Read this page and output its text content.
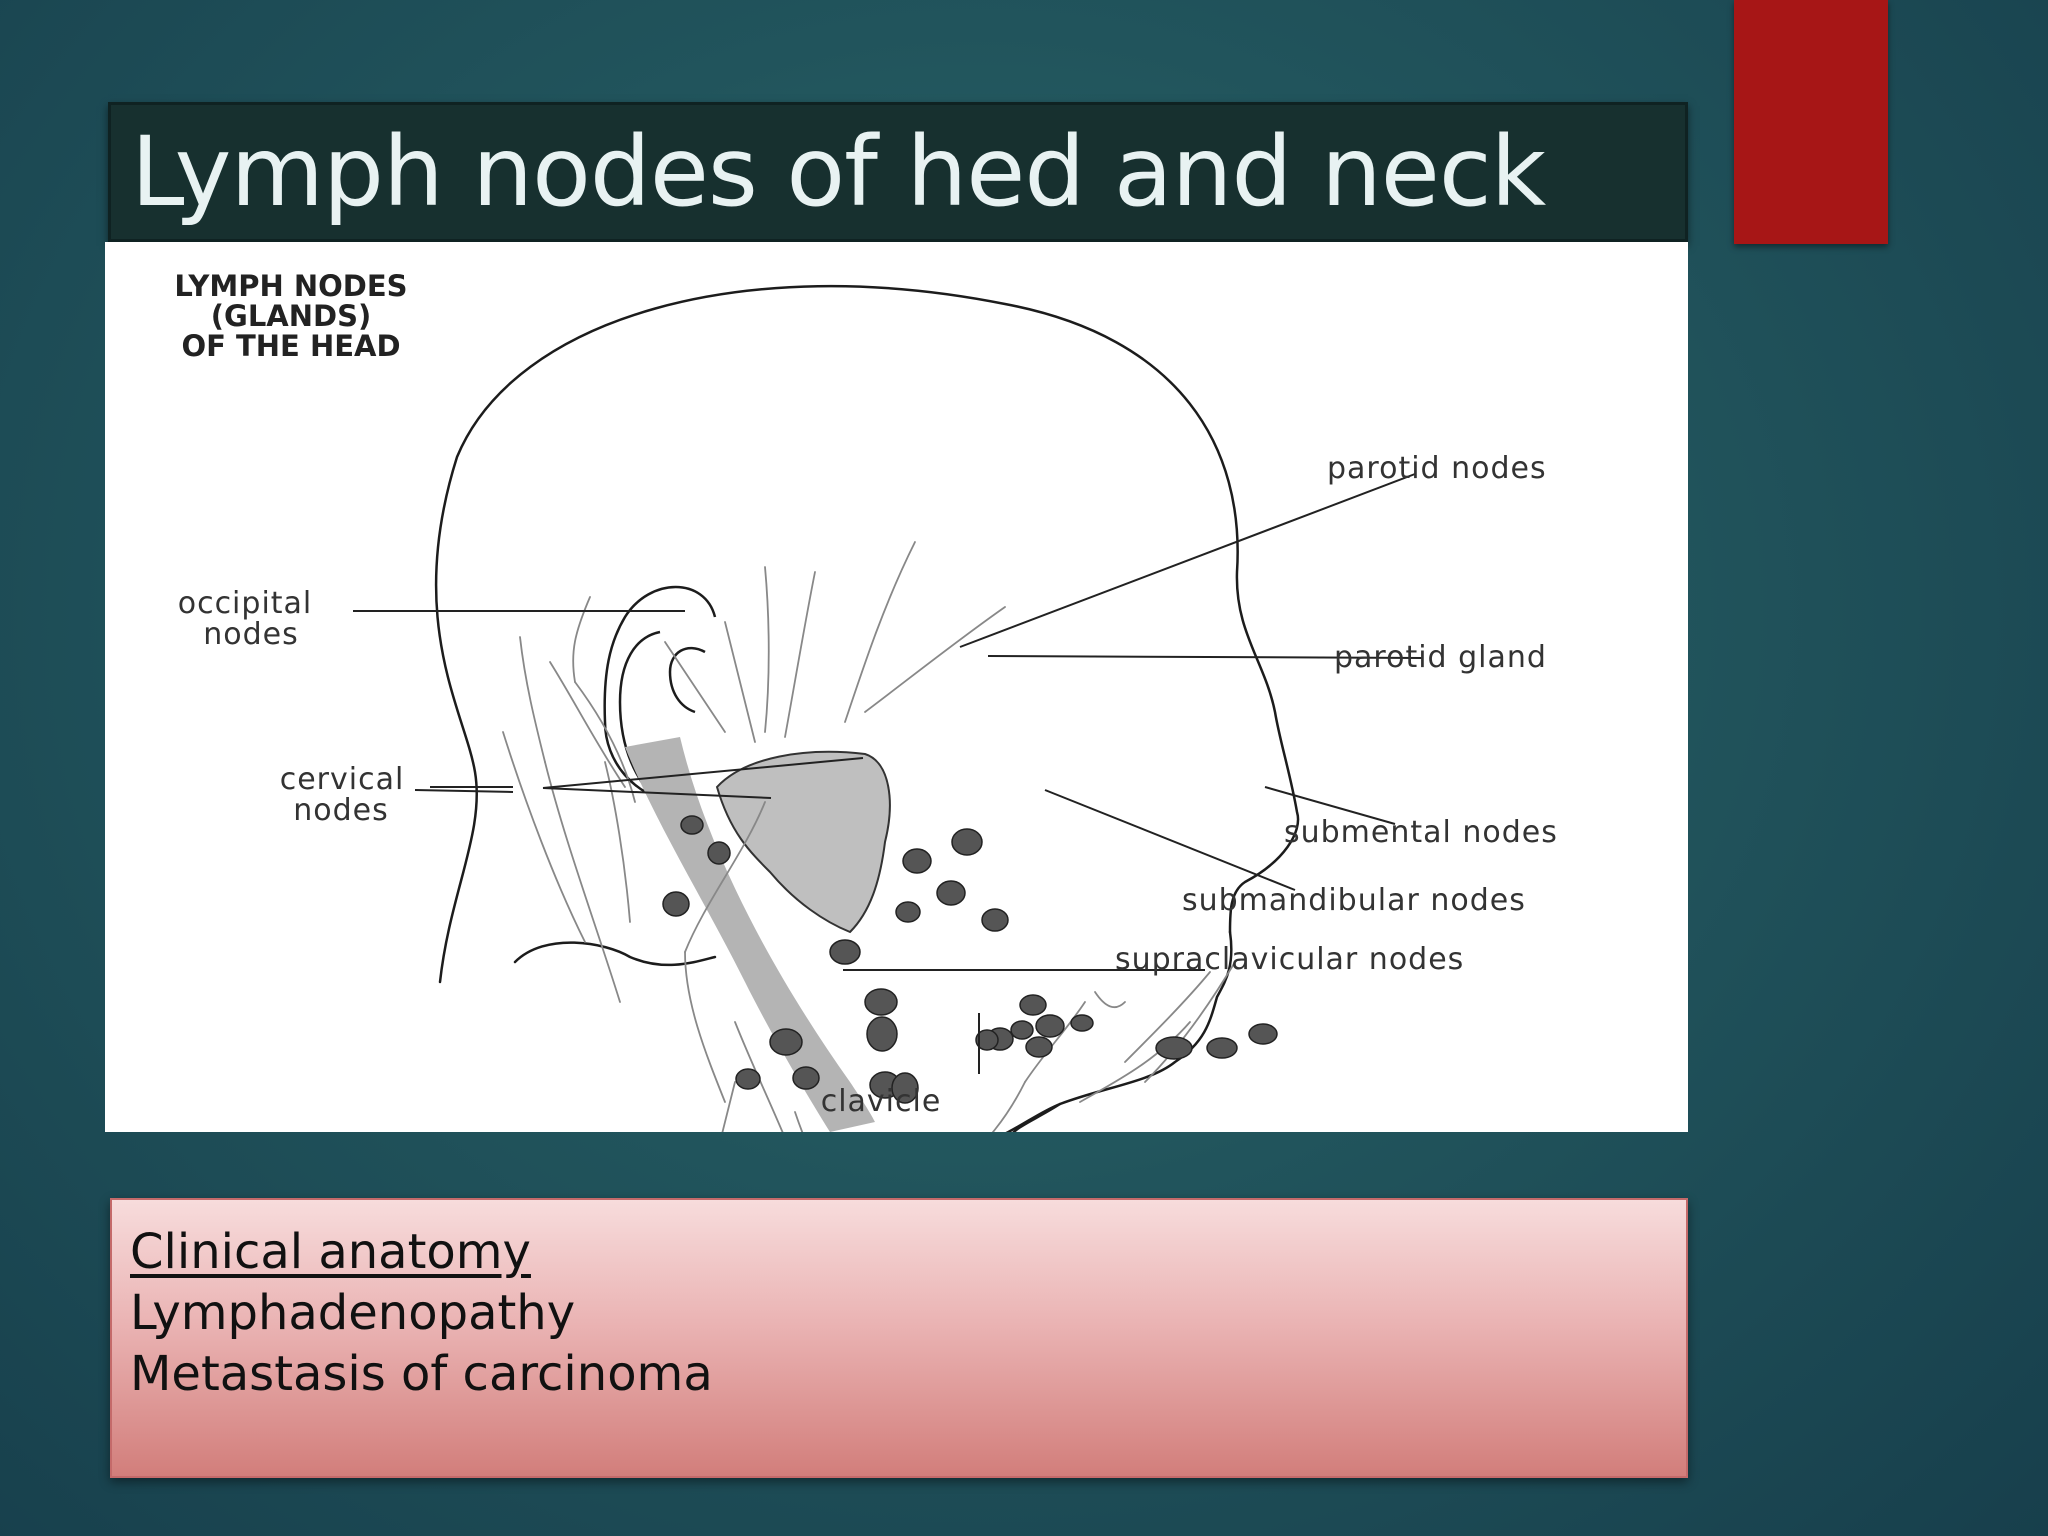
Lymph nodes of hed and neck
LYMPH NODES
(GLANDS)
OF THE HEAD
occipital
nodes
cervical
nodes
parotid nodes
parotid gland
submental nodes
submandibular nodes
supraclavicular nodes
clavicle
Clinical anatomy
Lymphadenopathy
Metastasis of carcinoma
